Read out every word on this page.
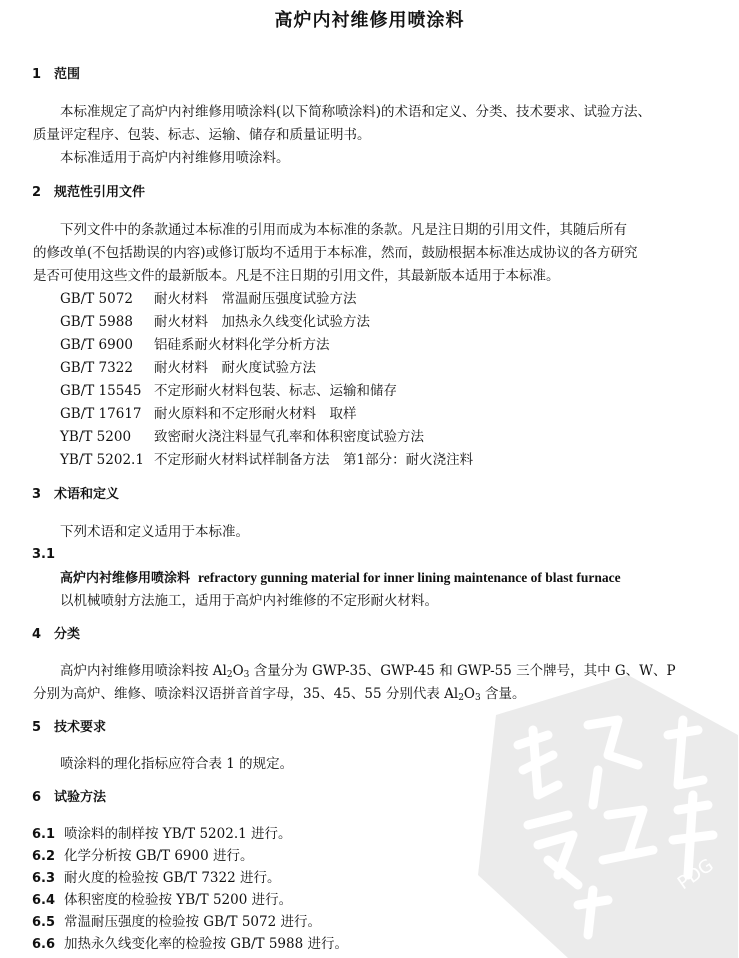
高炉内衬维修用喷涂料
1 范围
本标准规定了高炉内衬维修用喷涂料(以下简称喷涂料)的术语和定义、分类、技术要求、试验方法、
质量评定程序、包装、标志、运输、储存和质量证明书。
本标准适用于高炉内衬维修用喷涂料。
2 规范性引用文件
下列文件中的条款通过本标准的引用而成为本标准的条款。凡是注日期的引用文件，其随后所有
的修改单(不包括勘误的内容)或修订版均不适用于本标准，然而，鼓励根据本标准达成协议的各方研究
是否可使用这些文件的最新版本。凡是不注日期的引用文件，其最新版本适用于本标准。
GB/T 5072 耐火材料　常温耐压强度试验方法
GB/T 5988 耐火材料　加热永久线变化试验方法
GB/T 6900 铝硅系耐火材料化学分析方法
GB/T 7322 耐火材料　耐火度试验方法
GB/T 15545 不定形耐火材料包装、标志、运输和储存
GB/T 17617 耐火原料和不定形耐火材料　取样
YB/T 5200 致密耐火浇注料显气孔率和体积密度试验方法
YB/T 5202.1 不定形耐火材料试样制备方法　第1部分：耐火浇注料
3 术语和定义
下列术语和定义适用于本标准。
3.1
高炉内衬维修用喷涂料 refractory gunning material for inner lining maintenance of blast furnace
以机械喷射方法施工，适用于高炉内衬维修的不定形耐火材料。
4 分类
高炉内衬维修用喷涂料按 $Al_2O_3$ 含量分为 GWP-35、GWP-45 和 GWP-55 三个牌号，其中 G、W、P
分别为高炉、维修、喷涂料汉语拼音首字母，35、45、55 分别代表 $Al_2O_3$ 含量。
5 技术要求
喷涂料的理化指标应符合表 1 的规定。
6 试验方法
6.1 喷涂料的制样按 YB/T 5202.1 进行。
6.2 化学分析按 GB/T 6900 进行。
6.3 耐火度的检验按 GB/T 7322 进行。
6.4 体积密度的检验按 YB/T 5200 进行。
6.5 常温耐压强度的检验按 GB/T 5072 进行。
6.6 加热永久线变化率的检验按 GB/T 5988 进行。
PDG
